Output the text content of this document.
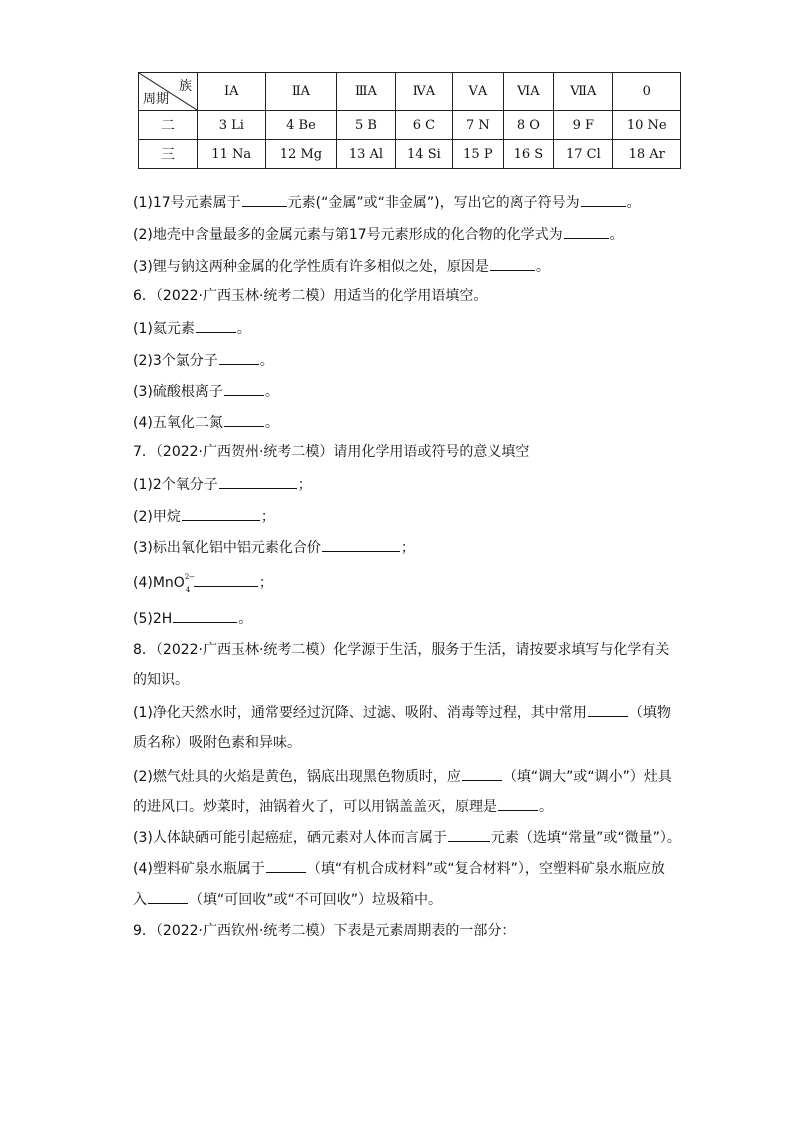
族
周期	ⅠA	ⅡA	ⅢA	ⅣA	ⅤA	ⅥA	ⅦA	0
二	3 Li	4 Be	5 B	6 C	7 N	8 O	9 F	10 Ne
三	11 Na	12 Mg	13 Al	14 Si	15 P	16 S	17 Cl	18 Ar
(1)17号元素属于	元素(“金属”或“非金属”)，写出它的离子符号为	。
(2)地壳中含量最多的金属元素与第17号元素形成的化合物的化学式为	。
(3)锂与钠这两种金属的化学性质有许多相似之处，原因是	。
6．（2022·广西玉林·统考二模）用适当的化学用语填空。
(1)氦元素	。
(2)3个氯分子	。
(3)硫酸根离子	。
(4)五氧化二氮	。
7．（2022·广西贺州·统考二模）请用化学用语或符号的意义填空
(1)2个氧分子	；
(2)甲烷	；
(3)标出氧化铝中铝元素化合价	；
(4)MnO 2−
4	；
(5)2H	。
8．（2022·广西玉林·统考二模）化学源于生活，服务于生活，请按要求填写与化学有关
的知识。
(1)净化天然水时，通常要经过沉降、过滤、吸附、消毒等过程，其中常用	（填物
质名称）吸附色素和异味。
(2)燃气灶具的火焰是黄色，锅底出现黑色物质时，应	（填“调大”或“调小”）灶具
的进风口。炒菜时，油锅着火了，可以用锅盖盖灭，原理是	。
(3)人体缺硒可能引起癌症，硒元素对人体而言属于	元素（选填“常量”或“微量”）。
(4)塑料矿泉水瓶属于	（填“有机合成材料”或“复合材料”），空塑料矿泉水瓶应放
入	（填“可回收”或“不可回收”）垃圾箱中。
9．（2022·广西钦州·统考二模）下表是元素周期表的一部分：
